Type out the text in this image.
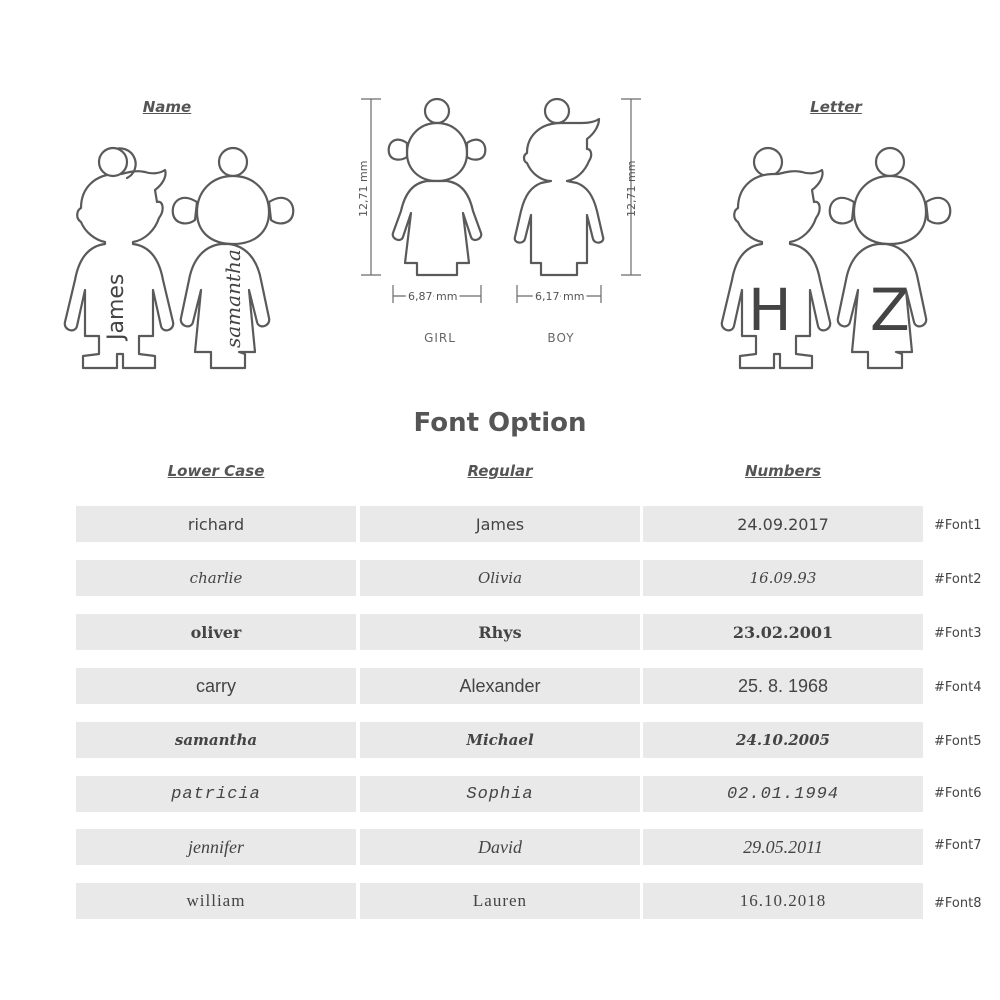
Name	Letter
James	samantha
12,71 mm
6,87 mm
12,71 mm
6,17 mm
GIRL	BOY	H Z
Font Option
Lower Case	Regular	Numbers
richard	James	24.09.2017	#Font1
charlie	Olivia	16.09.93	#Font2
oliver	Rhys	23.02.2001	#Font3
carry	Alexander	25. 8. 1968	#Font4
samantha	Michael	24.10.2005	#Font5
patricia	Sophia	02.01.1994	#Font6
jennifer	David	29.05.2011	#Font7
william	Lauren	16.10.2018	#Font8
